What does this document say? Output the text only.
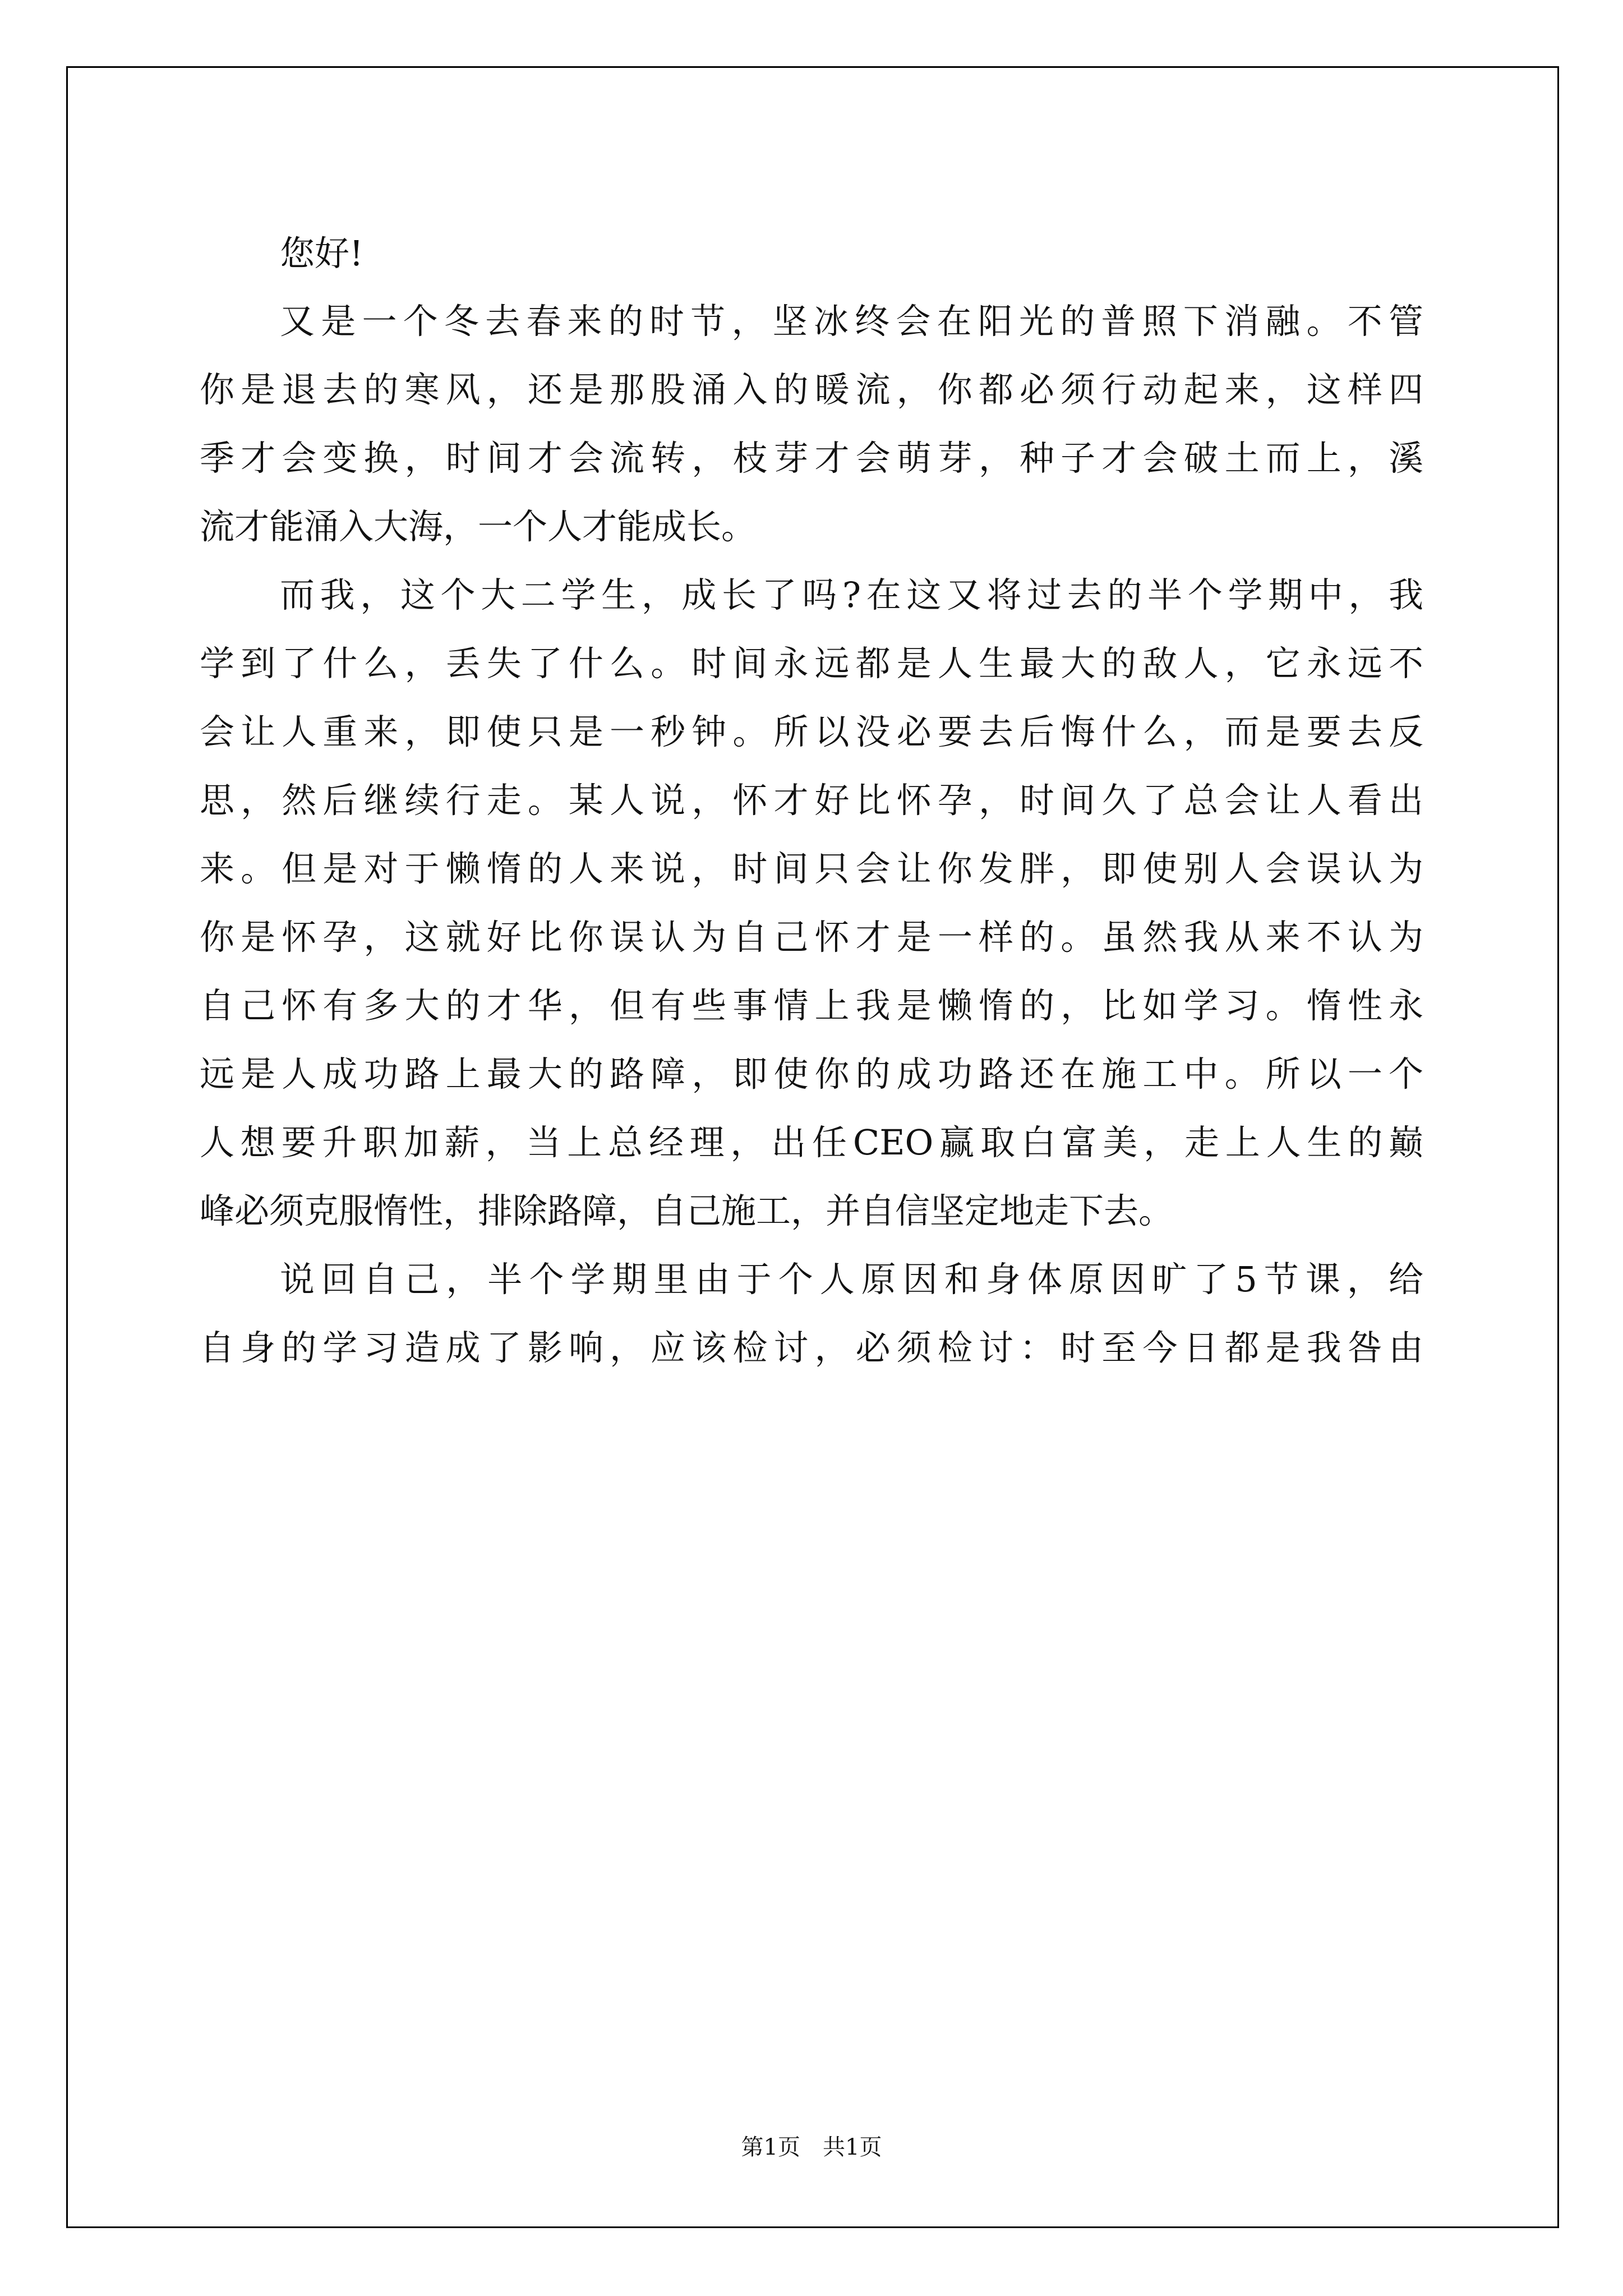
您好!
又是一个冬去春来的时节，坚冰终会在阳光的普照下消融。不管
你是退去的寒风，还是那股涌入的暖流，你都必须行动起来，这样四
季才会变换，时间才会流转，枝芽才会萌芽，种子才会破土而上，溪
流才能涌入大海，一个人才能成长。
而我，这个大二学生，成长了吗?在这又将过去的半个学期中，我
学到了什么，丢失了什么。时间永远都是人生最大的敌人，它永远不
会让人重来，即使只是一秒钟。所以没必要去后悔什么，而是要去反
思，然后继续行走。某人说，怀才好比怀孕，时间久了总会让人看出
来。但是对于懒惰的人来说，时间只会让你发胖，即使别人会误认为
你是怀孕，这就好比你误认为自己怀才是一样的。虽然我从来不认为
自己怀有多大的才华，但有些事情上我是懒惰的，比如学习。惰性永
远是人成功路上最大的路障，即使你的成功路还在施工中。所以一个
人想要升职加薪，当上总经理，出任CEO赢取白富美，走上人生的巅
峰必须克服惰性，排除路障，自己施工，并自信坚定地走下去。
说回自己，半个学期里由于个人原因和身体原因旷了5节课，给
自身的学习造成了影响，应该检讨，必须检讨：时至今日都是我咎由
第1页　共1页
